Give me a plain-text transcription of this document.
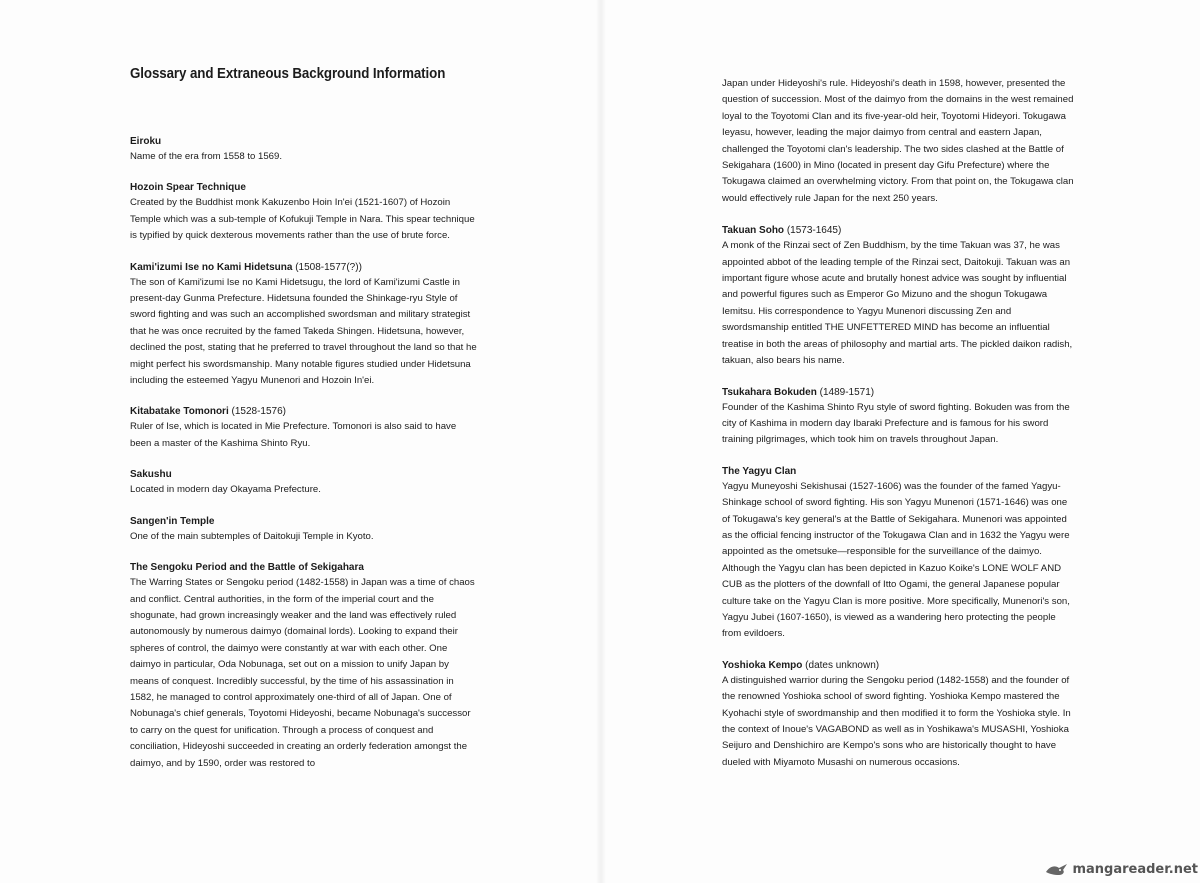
Glossary and Extraneous Background Information
Eiroku

Name of the era from 1558 to 1569.

Hozoin Spear Technique

Created by the Buddhist monk Kakuzenbo Hoin In'ei (1521-1607) of Hozoin Temple which was a sub-temple of Kofukuji Temple in Nara. This spear technique is typified by quick dexterous movements rather than the use of brute force.

Kami'izumi Ise no Kami Hidetsuna (1508-1577(?))

The son of Kami'izumi Ise no Kami Hidetsugu, the lord of Kami'izumi Castle in present-day Gunma Prefecture. Hidetsuna founded the Shinkage-ryu Style of sword fighting and was such an accomplished swordsman and military strategist that he was once recruited by the famed Takeda Shingen. Hidetsuna, however, declined the post, stating that he preferred to travel throughout the land so that he might perfect his swordsmanship. Many notable figures studied under Hidetsuna including the esteemed Yagyu Munenori and Hozoin In'ei.

Kitabatake Tomonori (1528-1576)

Ruler of Ise, which is located in Mie Prefecture. Tomonori is also said to have been a master of the Kashima Shinto Ryu.

Sakushu

Located in modern day Okayama Prefecture.

Sangen'in Temple

One of the main subtemples of Daitokuji Temple in Kyoto.

The Sengoku Period and the Battle of Sekigahara

The Warring States or Sengoku period (1482-1558) in Japan was a time of chaos and conflict. Central authorities, in the form of the imperial court and the shogunate, had grown increasingly weaker and the land was effectively ruled autonomously by numerous daimyo (domainal lords). Looking to expand their spheres of control, the daimyo were constantly at war with each other. One daimyo in particular, Oda Nobunaga, set out on a mission to unify Japan by means of conquest. Incredibly successful, by the time of his assassination in 1582, he managed to control approximately one-third of all of Japan. One of Nobunaga's chief generals, Toyotomi Hideyoshi, became Nobunaga's successor to carry on the quest for unification. Through a process of conquest and conciliation, Hideyoshi succeeded in creating an orderly federation amongst the daimyo, and by 1590, order was restored to

Japan under Hideyoshi's rule. Hideyoshi's death in 1598, however, presented the question of succession. Most of the daimyo from the domains in the west remained loyal to the Toyotomi Clan and its five-year-old heir, Toyotomi Hideyori. Tokugawa Ieyasu, however, leading the major daimyo from central and eastern Japan, challenged the Toyotomi clan's leadership. The two sides clashed at the Battle of Sekigahara (1600) in Mino (located in present day Gifu Prefecture) where the Tokugawa claimed an overwhelming victory. From that point on, the Tokugawa clan would effectively rule Japan for the next 250 years.

Takuan Soho (1573-1645)

A monk of the Rinzai sect of Zen Buddhism, by the time Takuan was 37, he was appointed abbot of the leading temple of the Rinzai sect, Daitokuji. Takuan was an important figure whose acute and brutally honest advice was sought by influential and powerful figures such as Emperor Go Mizuno and the shogun Tokugawa Iemitsu. His correspondence to Yagyu Munenori discussing Zen and swordsmanship entitled THE UNFETTERED MIND has become an influential treatise in both the areas of philosophy and martial arts. The pickled daikon radish, takuan, also bears his name.

Tsukahara Bokuden (1489-1571)

Founder of the Kashima Shinto Ryu style of sword fighting. Bokuden was from the city of Kashima in modern day Ibaraki Prefecture and is famous for his sword training pilgrimages, which took him on travels throughout Japan.

The Yagyu Clan

Yagyu Muneyoshi Sekishusai (1527-1606) was the founder of the famed Yagyu-Shinkage school of sword fighting. His son Yagyu Munenori (1571-1646) was one of Tokugawa's key general's at the Battle of Sekigahara. Munenori was appointed as the official fencing instructor of the Tokugawa Clan and in 1632 the Yagyu were appointed as the ometsuke—responsible for the surveillance of the daimyo. Although the Yagyu clan has been depicted in Kazuo Koike's LONE WOLF AND CUB as the plotters of the downfall of Itto Ogami, the general Japanese popular culture take on the Yagyu Clan is more positive. More specifically, Munenori's son, Yagyu Jubei (1607-1650), is viewed as a wandering hero protecting the people from evildoers.

Yoshioka Kempo (dates unknown)

A distinguished warrior during the Sengoku period (1482-1558) and the founder of the renowned Yoshioka school of sword fighting. Yoshioka Kempo mastered the Kyohachi style of swordmanship and then modified it to form the Yoshioka style. In the context of Inoue's VAGABOND as well as in Yoshikawa's MUSASHI, Yoshioka Seijuro and Denshichiro are Kempo's sons who are historically thought to have dueled with Miyamoto Musashi on numerous occasions.

mangareader.net
